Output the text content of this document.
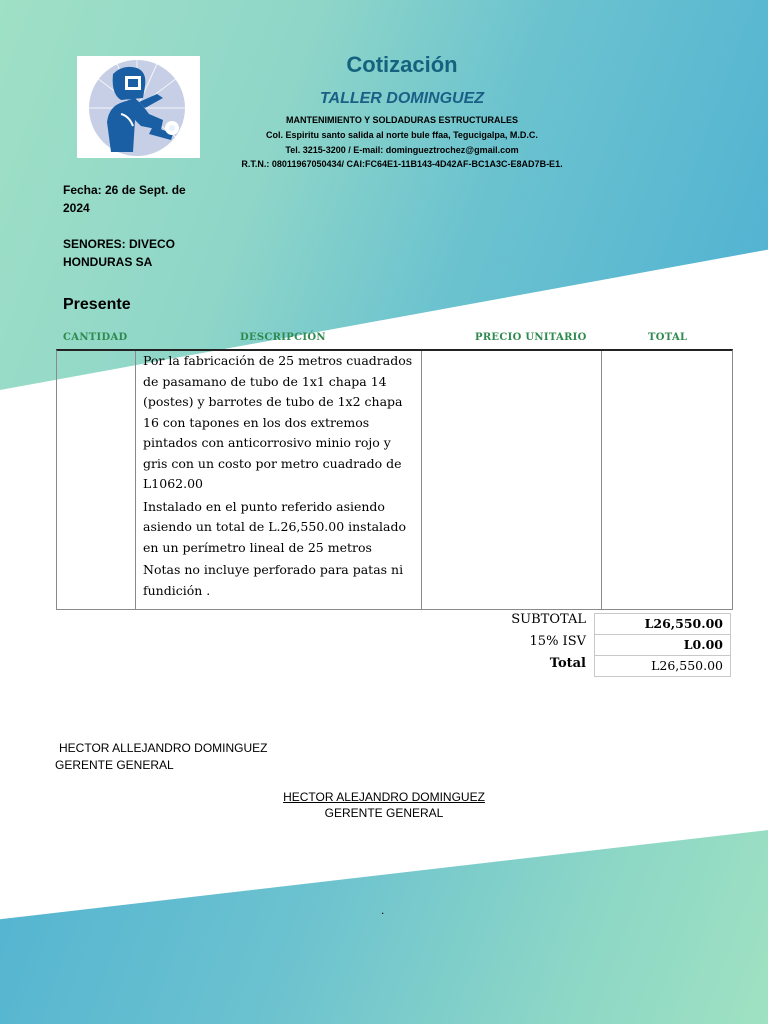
Cotización
TALLER DOMINGUEZ
MANTENIMIENTO Y SOLDADURAS ESTRUCTURALES
Col. Espiritu santo salida al norte bule ffaa, Tegucigalpa, M.D.C.
Tel. 3215-3200 / E-mail: domingueztrochez@gmail.com
R.T.N.: 08011967050434/ CAI:FC64E1-11B143-4D42AF-BC1A3C-E8AD7B-E1.
Fecha: 26 de Sept. de 2024
SENORES: DIVECO HONDURAS SA
Presente
CANTIDAD	DESCRIPCIÓN	PRECIO UNITARIO	TOTAL

Por la fabricación de 25 metros cuadrados de pasamano de tubo de 1x1 chapa 14 (postes) y barrotes de tubo de 1x2 chapa 16 con tapones en los dos extremos pintados con anticorrosivo minio rojo y gris con un costo por metro cuadrado de L1062.00

Instalado en el punto referido asiendo asiendo un total de L.26,550.00 instalado en un perímetro lineal de 25 metros

Notas no incluye perforado para patas ni fundición .

SUBTOTAL	L26,550.00
15% ISV	L0.00
Total	L26,550.00
HECTOR ALLEJANDRO DOMINGUEZ
GERENTE GENERAL
HECTOR ALEJANDRO DOMINGUEZ
GERENTE GENERAL
.
